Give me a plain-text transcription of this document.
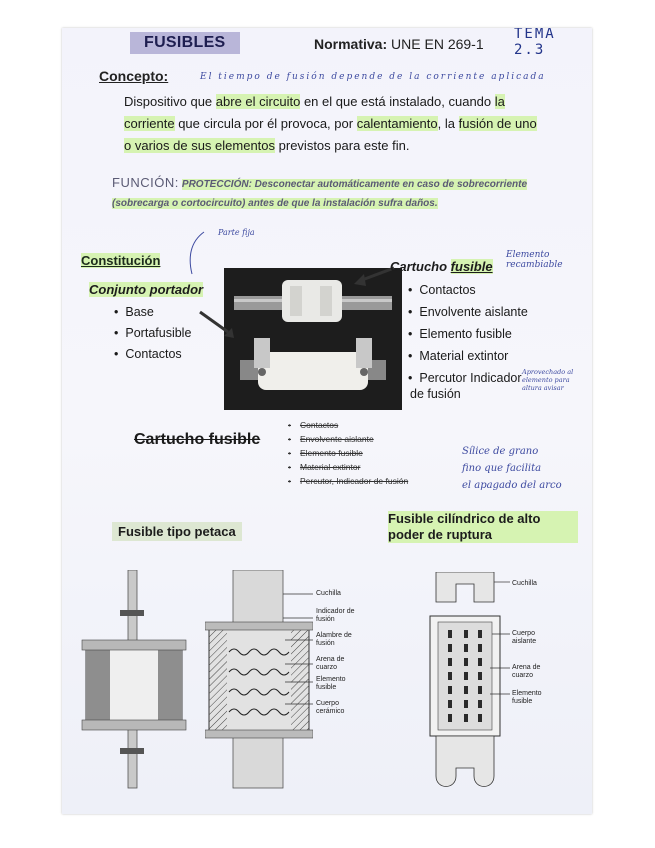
FUSIBLES	Normativa: UNE EN 269-1
TEMA 2.3
Concepto:	El tiempo de fusión depende de la corriente aplicada
Dispositivo que abre el circuito en el que está instalado, cuando la corriente que circula por él provoca, por calentamiento, la fusión de uno o varios de sus elementos previstos para este fin.
FUNCIÓN: PROTECCIÓN: Desconectar automáticamente en caso de sobrecorriente (sobrecarga o cortocircuito) antes de que la instalación sufra daños.
Constitución
Parte fija
Conjunto portador
• Base
• Portafusible
• Contactos
Cartucho fusible
Elemento recambiable
• Contactos
• Envolvente aislante
• Elemento fusible
• Material extintor
• Percutor Indicador
de fusión
Aprovechado al elemento para altura avisar
Cartucho fusible
• Contactos
• Envolvente aislante
• Elemento fusible
• Material extintor
• Percutor, Indicador de fusión
Sílice de grano
fino que facilita
el apagado del arco
Fusible tipo petaca
Fusible cilíndrico de alto poder de ruptura
Cuchilla
Indicador de fusión
Alambre de fusión
Arena de cuarzo
Elemento fusible
Cuerpo cerámico
Cuchilla
Cuerpo aislante
Arena de cuarzo
Elemento fusible
